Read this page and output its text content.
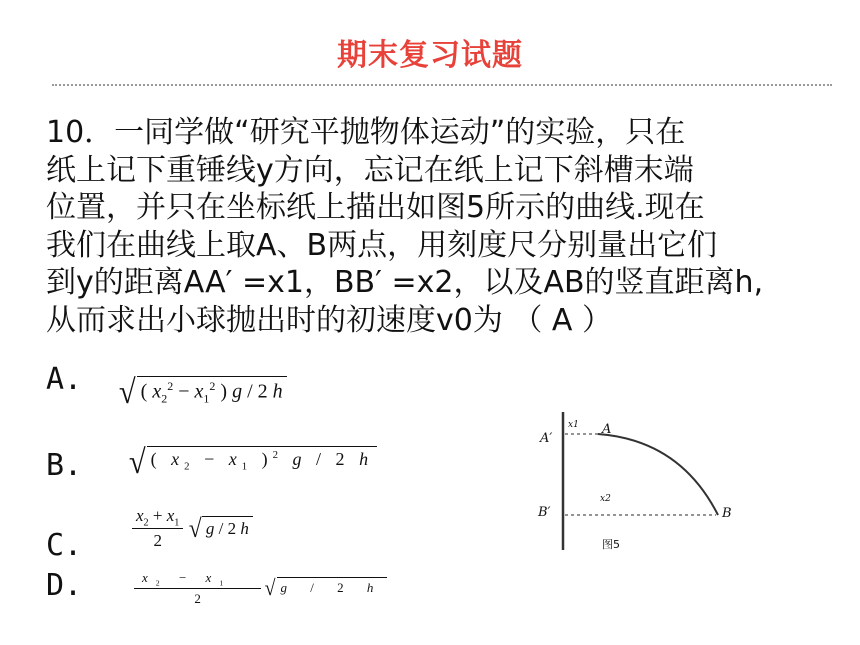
期末复习试题
10．一同学做“研究平抛物体运动”的实验，只在
纸上记下重锤线y方向，忘记在纸上记下斜槽末端
位置，并只在坐标纸上描出如图5所示的曲线.现在
我们在曲线上取A、B两点，用刻度尺分别量出它们
到y的距离AA′ =x1，BB′ =x2，以及AB的竖直距离h,
从而求出小球抛出时的初速度v0为 （ A ）
A. √ ( $x_2^2 - x_1^2$ ) g / 2 h
B. √ ( $x_2 - x_1$ )$^2$ g / 2 h
C.	$\frac{x_2 + x_1}{2}$
√ g / 2 h
D.	$\frac{x_2 - x_1}{2}$
√ g / 2 h
A′
B′
A
B
x1
x2
图5
